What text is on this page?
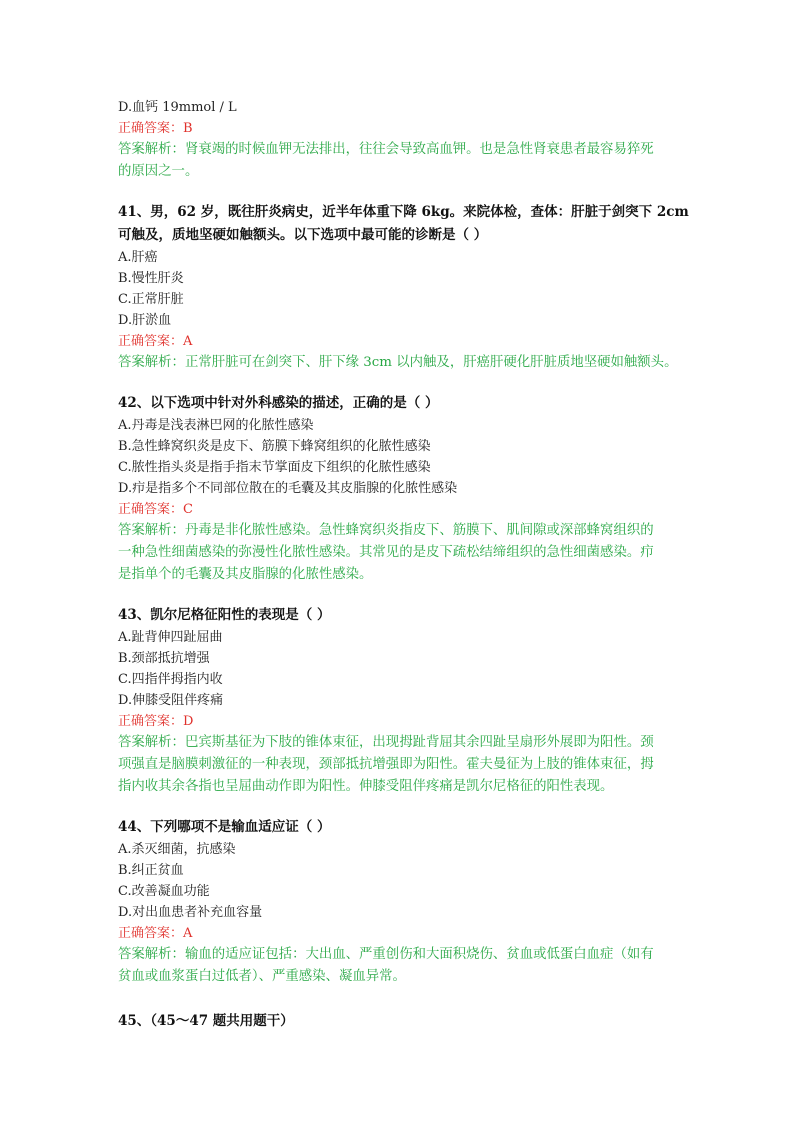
D.血钙 19mmol / L
正确答案：B
答案解析：肾衰竭的时候血钾无法排出，往往会导致高血钾。也是急性肾衰患者最容易猝死
的原因之一。
41、男，62 岁，既往肝炎病史，近半年体重下降 6kg。来院体检，查体：肝脏于剑突下 2cm
可触及，质地坚硬如触额头。以下选项中最可能的诊断是（ ）
A.肝癌
B.慢性肝炎
C.正常肝脏
D.肝淤血
正确答案：A
答案解析：正常肝脏可在剑突下、肝下缘 3cm 以内触及，肝癌肝硬化肝脏质地坚硬如触额头。
42、以下选项中针对外科感染的描述，正确的是（ ）
A.丹毒是浅表淋巴网的化脓性感染
B.急性蜂窝织炎是皮下、筋膜下蜂窝组织的化脓性感染
C.脓性指头炎是指手指末节掌面皮下组织的化脓性感染
D.疖是指多个不同部位散在的毛囊及其皮脂腺的化脓性感染
正确答案：C
答案解析：丹毒是非化脓性感染。急性蜂窝织炎指皮下、筋膜下、肌间隙或深部蜂窝组织的
一种急性细菌感染的弥漫性化脓性感染。其常见的是皮下疏松结缔组织的急性细菌感染。疖
是指单个的毛囊及其皮脂腺的化脓性感染。
43、凯尔尼格征阳性的表现是（ ）
A.趾背伸四趾屈曲
B.颈部抵抗增强
C.四指伴拇指内收
D.伸膝受阻伴疼痛
正确答案：D
答案解析：巴宾斯基征为下肢的锥体束征，出现拇趾背屈其余四趾呈扇形外展即为阳性。颈
项强直是脑膜刺激征的一种表现，颈部抵抗增强即为阳性。霍夫曼征为上肢的锥体束征，拇
指内收其余各指也呈屈曲动作即为阳性。伸膝受阻伴疼痛是凯尔尼格征的阳性表现。
44、下列哪项不是输血适应证（ ）
A.杀灭细菌，抗感染
B.纠正贫血
C.改善凝血功能
D.对出血患者补充血容量
正确答案：A
答案解析：输血的适应证包括：大出血、严重创伤和大面积烧伤、贫血或低蛋白血症（如有
贫血或血浆蛋白过低者）、严重感染、凝血异常。
45、（45～47 题共用题干）
